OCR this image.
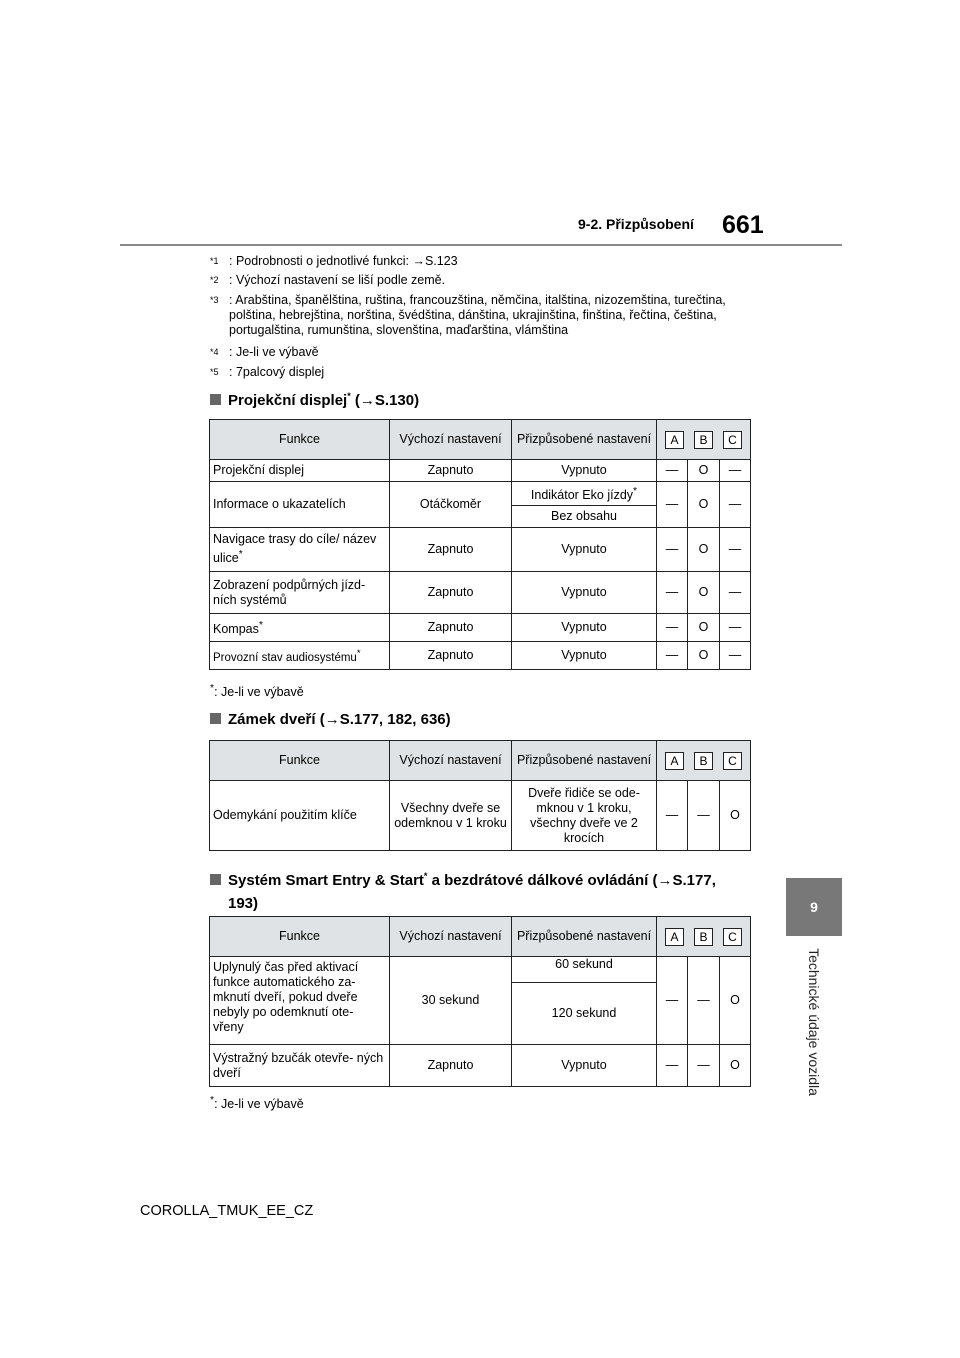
9-2. Přizpůsobení 661
9
Technické údaje vozidla
$^{*1}$ : Podrobnosti o jednotlivé funkci: →S.123
$^{*2}$ : Výchozí nastavení se liší podle země.
$^{*3}$ : Arabština, španělština, ruština, francouzština, němčina, italština, nizozemština, turečtina, polština, hebrejština, norština, švédština, dánština, ukrajinština, finština, řečtina, čeština, portugalština, rumunština, slovenština, maďarština, vlámština
$^{*4}$ : Je-li ve výbavě
$^{*5}$ : 7palcový displej
Projekční displej* (→S.130)
Funkce	Výchozí nastavení	Přizpůsobené nastavení	A B C		

Projekční displej	Zapnuto	Vypnuto	—	O	—
Informace o ukazatelích	Otáčkoměr	Indikátor Eko jízdy*	—	O	—
		Bez obsahu			
Navigace trasy do cíle/ název ulice*	Zapnuto	Vypnuto	—	O	—
Zobrazení podpůrných jízd- ních systémů	Zapnuto	Vypnuto	—	O	—
Kompas*	Zapnuto	Vypnuto	—	O	—
Provozní stav audiosystému*	Zapnuto	Vypnuto	—	O	—
*: Je-li ve výbavě
Zámek dveří (→S.177, 182, 636)
Funkce	Výchozí nastavení	Přizpůsobené nastavení	A B C		

Odemykání použitím klíče	Všechny dveře se odemknou v 1 kroku	Dveře řidiče se ode- mknou v 1 kroku, všechny dveře ve 2 krocích	—	—	O
Systém Smart Entry & Start* a bezdrátové dálkové ovládání (→S.177,
193)
Funkce	Výchozí nastavení	Přizpůsobené nastavení	A B C		

Uplynulý čas před aktivací funkce automatického za- mknutí dveří, pokud dveře nebyly po odemknutí ote- vřeny	30 sekund	60 sekund	—	—	O
		120 sekund			
Výstražný bzučák otevře- ných dveří	Zapnuto	Vypnuto	—	—	O
*: Je-li ve výbavě
COROLLA_TMUK_EE_CZ
